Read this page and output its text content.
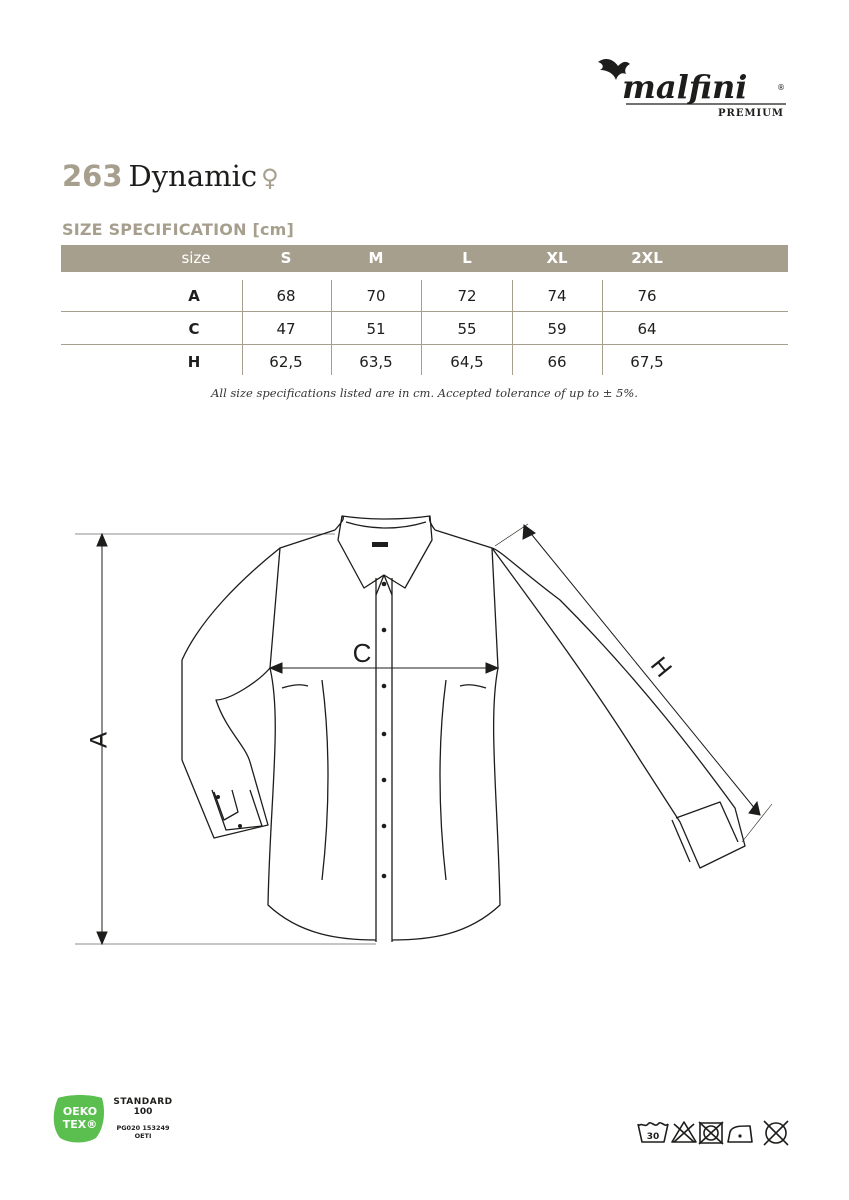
malfini	®
PREMIUM
263 Dynamic ♀
SIZE SPECIFICATION [cm]
size	S	M	L	XL	2XL
A	68	70	72	74	76
C	47	51	55	59	64
H	62,5	63,5	64,5	66	67,5
All size specifications listed are in cm. Accepted tolerance of up to ± 5%.
A
C	H
OEKO
TEX®
STANDARD
100
PG020 153249
OETI	30
